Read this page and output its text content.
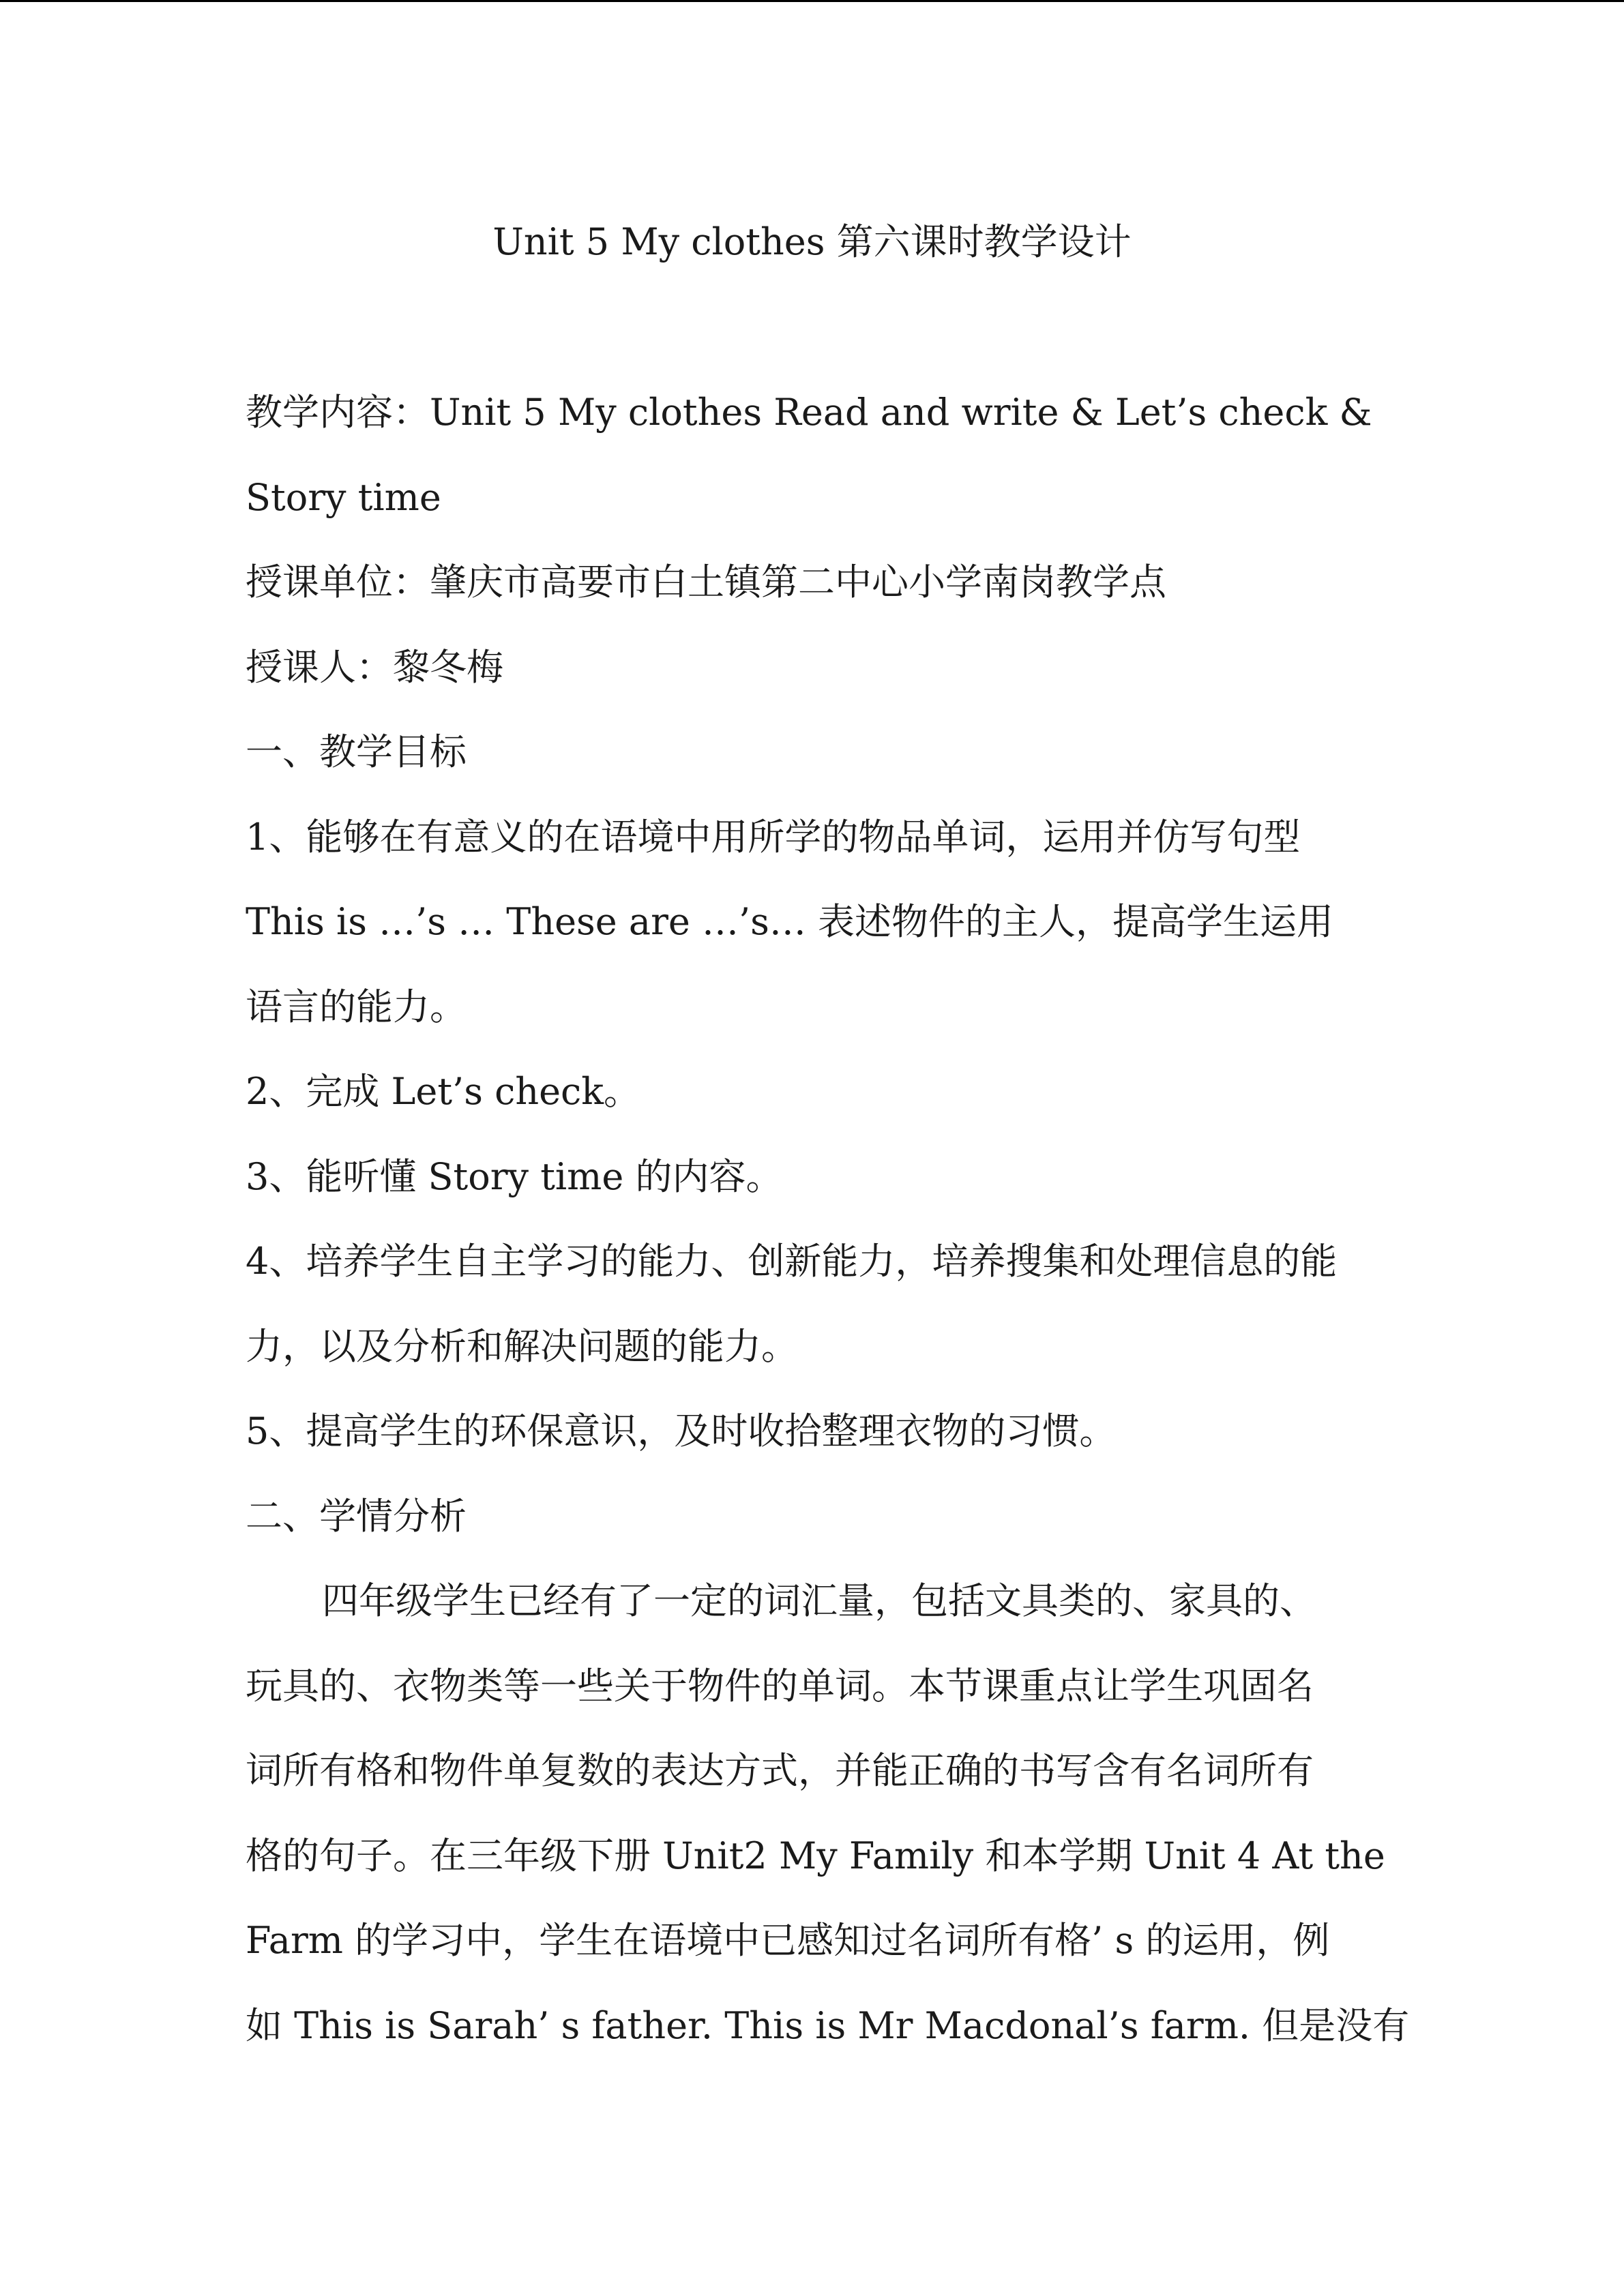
Unit 5 My clothes 第六课时教学设计
教学内容：Unit 5 My clothes Read and write & Let’s check &
Story time
授课单位：肇庆市高要市白土镇第二中心小学南岗教学点
授课人：黎冬梅
一、教学目标
1、能够在有意义的在语境中用所学的物品单词，运用并仿写句型
This is …’s … These are …’s… 表述物件的主人，提高学生运用
语言的能力。
2、完成 Let’s check。
3、能听懂 Story time 的内容。
4、培养学生自主学习的能力、创新能力，培养搜集和处理信息的能
力，以及分析和解决问题的能力。
5、提高学生的环保意识，及时收拾整理衣物的习惯。
二、学情分析
四年级学生已经有了一定的词汇量，包括文具类的、家具的、
玩具的、衣物类等一些关于物件的单词。本节课重点让学生巩固名
词所有格和物件单复数的表达方式，并能正确的书写含有名词所有
格的句子。在三年级下册 Unit2 My Family 和本学期 Unit 4 At the
Farm 的学习中，学生在语境中已感知过名词所有格’ s 的运用，例
如 This is Sarah’ s father. This is Mr Macdonal’s farm. 但是没有
